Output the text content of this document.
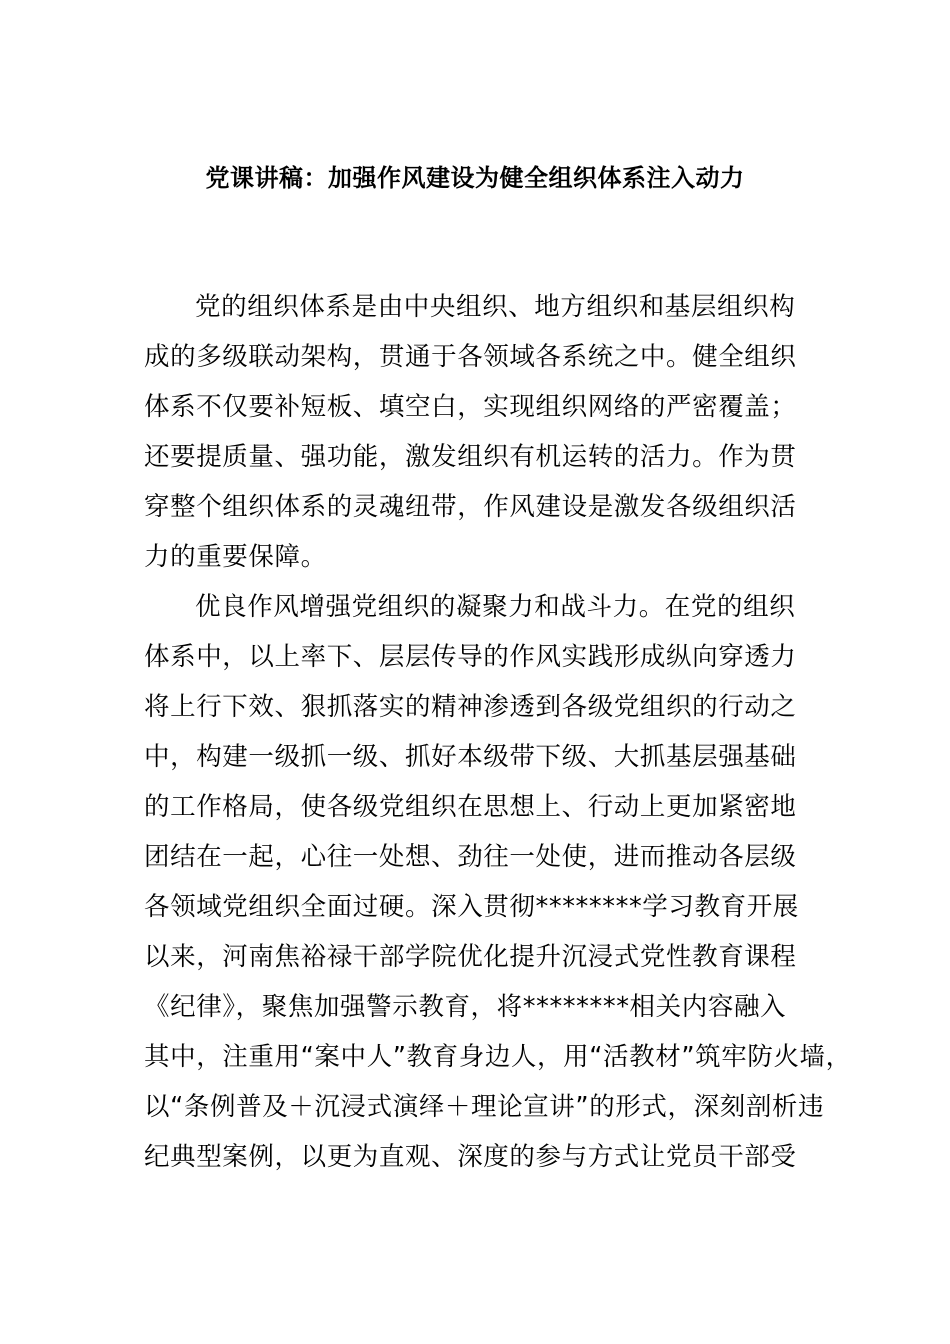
党课讲稿：加强作风建设为健全组织体系注入动力
党的组织体系是由中央组织、地方组织和基层组织构
成的多级联动架构，贯通于各领域各系统之中。健全组织
体系不仅要补短板、填空白，实现组织网络的严密覆盖；
还要提质量、强功能，激发组织有机运转的活力。作为贯
穿整个组织体系的灵魂纽带，作风建设是激发各级组织活
力的重要保障。
优良作风增强党组织的凝聚力和战斗力。在党的组织
体系中，以上率下、层层传导的作风实践形成纵向穿透力
将上行下效、狠抓落实的精神渗透到各级党组织的行动之
中，构建一级抓一级、抓好本级带下级、大抓基层强基础
的工作格局，使各级党组织在思想上、行动上更加紧密地
团结在一起，心往一处想、劲往一处使，进而推动各层级
各领域党组织全面过硬。深入贯彻********学习教育开展
以来，河南焦裕禄干部学院优化提升沉浸式党性教育课程
《纪律》，聚焦加强警示教育，将********相关内容融入
其中，注重用“案中人”教育身边人，用“活教材”筑牢防火墙，
以“条例普及＋沉浸式演绎＋理论宣讲”的形式，深刻剖析违
纪典型案例，以更为直观、深度的参与方式让党员干部受
